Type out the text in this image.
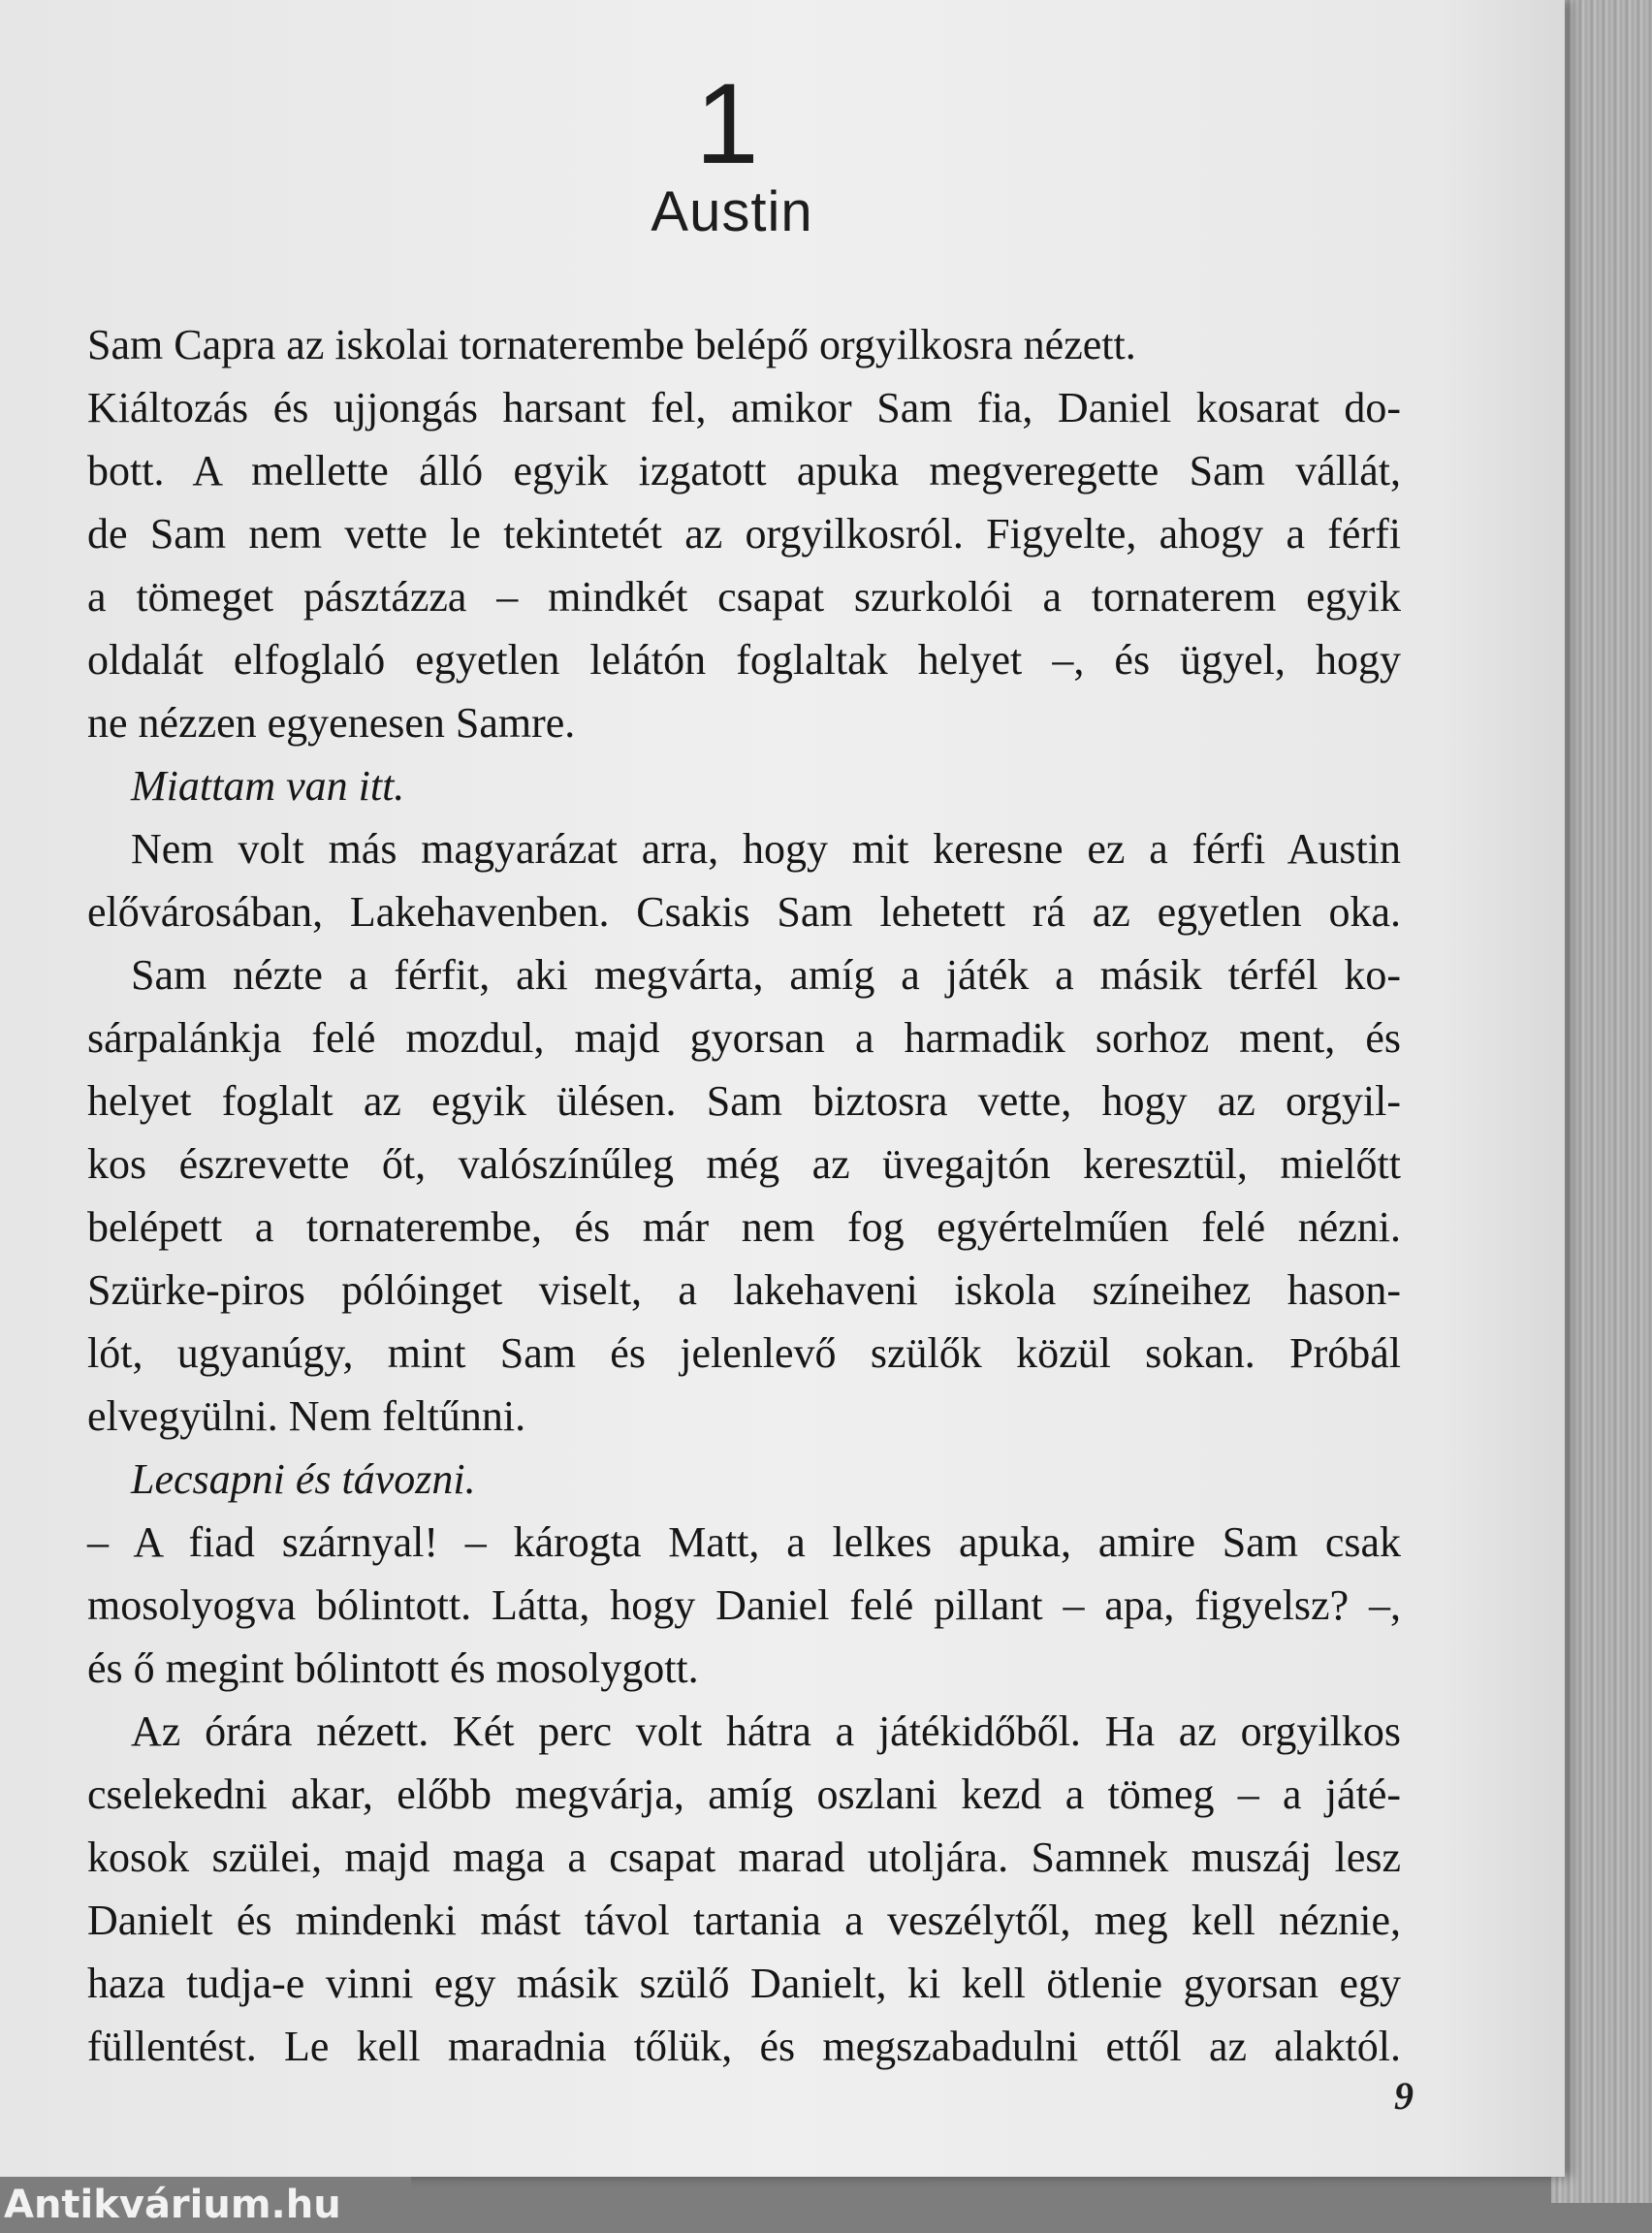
1
Austin
Sam Capra az iskolai tornaterembe belépő orgyilkosra nézett.
Kiáltozás és ujjongás harsant fel, amikor Sam fia, Daniel kosarat do-
bott. A mellette álló egyik izgatott apuka megveregette Sam vállát,
de Sam nem vette le tekintetét az orgyilkosról. Figyelte, ahogy a férfi
a tömeget pásztázza – mindkét csapat szurkolói a tornaterem egyik
oldalát elfoglaló egyetlen lelátón foglaltak helyet –, és ügyel, hogy
ne nézzen egyenesen Samre.
Miattam van itt.
Nem volt más magyarázat arra, hogy mit keresne ez a férfi Austin
elővárosában, Lakehavenben. Csakis Sam lehetett rá az egyetlen oka.
Sam nézte a férfit, aki megvárta, amíg a játék a másik térfél ko-
sárpalánkja felé mozdul, majd gyorsan a harmadik sorhoz ment, és
helyet foglalt az egyik ülésen. Sam biztosra vette, hogy az orgyil-
kos észrevette őt, valószínűleg még az üvegajtón keresztül, mielőtt
belépett a tornaterembe, és már nem fog egyértelműen felé nézni.
Szürke-piros pólóinget viselt, a lakehaveni iskola színeihez hason-
lót, ugyanúgy, mint Sam és jelenlevő szülők közül sokan. Próbál
elvegyülni. Nem feltűnni.
Lecsapni és távozni.
– A fiad szárnyal! – károgta Matt, a lelkes apuka, amire Sam csak
mosolyogva bólintott. Látta, hogy Daniel felé pillant – apa, figyelsz? –,
és ő megint bólintott és mosolygott.
Az órára nézett. Két perc volt hátra a játékidőből. Ha az orgyilkos
cselekedni akar, előbb megvárja, amíg oszlani kezd a tömeg – a játé-
kosok szülei, majd maga a csapat marad utoljára. Samnek muszáj lesz
Danielt és mindenki mást távol tartania a veszélytől, meg kell néznie,
haza tudja-e vinni egy másik szülő Danielt, ki kell ötlenie gyorsan egy
füllentést. Le kell maradnia tőlük, és megszabadulni ettől az alaktól.
9
Antikvárium.hu
